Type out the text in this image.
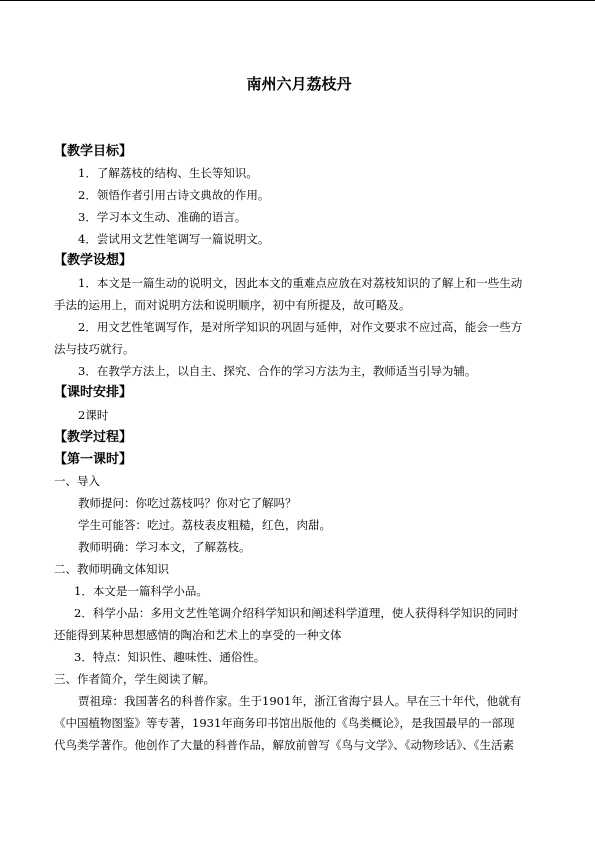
南州六月荔枝丹
【教学目标】
1．了解荔枝的结构、生长等知识。
2．领悟作者引用古诗文典故的作用。
3．学习本文生动、准确的语言。
4．尝试用文艺性笔调写一篇说明文。
【教学设想】
1．本文是一篇生动的说明文，因此本文的重难点应放在对荔枝知识的了解上和一些生动
手法的运用上，而对说明方法和说明顺序，初中有所提及，故可略及。
2．用文艺性笔调写作，是对所学知识的巩固与延伸，对作文要求不应过高，能会一些方
法与技巧就行。
3．在教学方法上，以自主、探究、合作的学习方法为主，教师适当引导为辅。
【课时安排】
2课时
【教学过程】
【第一课时】
一、导入
教师提问：你吃过荔枝吗？你对它了解吗？
学生可能答：吃过。荔枝表皮粗糙，红色，肉甜。
教师明确：学习本文，了解荔枝。
二、教师明确文体知识
1．本文是一篇科学小品。
2．科学小品：多用文艺性笔调介绍科学知识和阐述科学道理，使人获得科学知识的同时
还能得到某种思想感情的陶冶和艺术上的享受的一种文体
3．特点：知识性、趣味性、通俗性。
三、作者简介，学生阅读了解。
贾祖璋：我国著名的科普作家。生于1901年，浙江省海宁县人。早在三十年代，他就有
《中国植物图鉴》等专著，1931年商务印书馆出版他的《鸟类概论》，是我国最早的一部现
代鸟类学著作。他创作了大量的科普作品，解放前曾写《鸟与文学》、《动物珍话》、《生活素
